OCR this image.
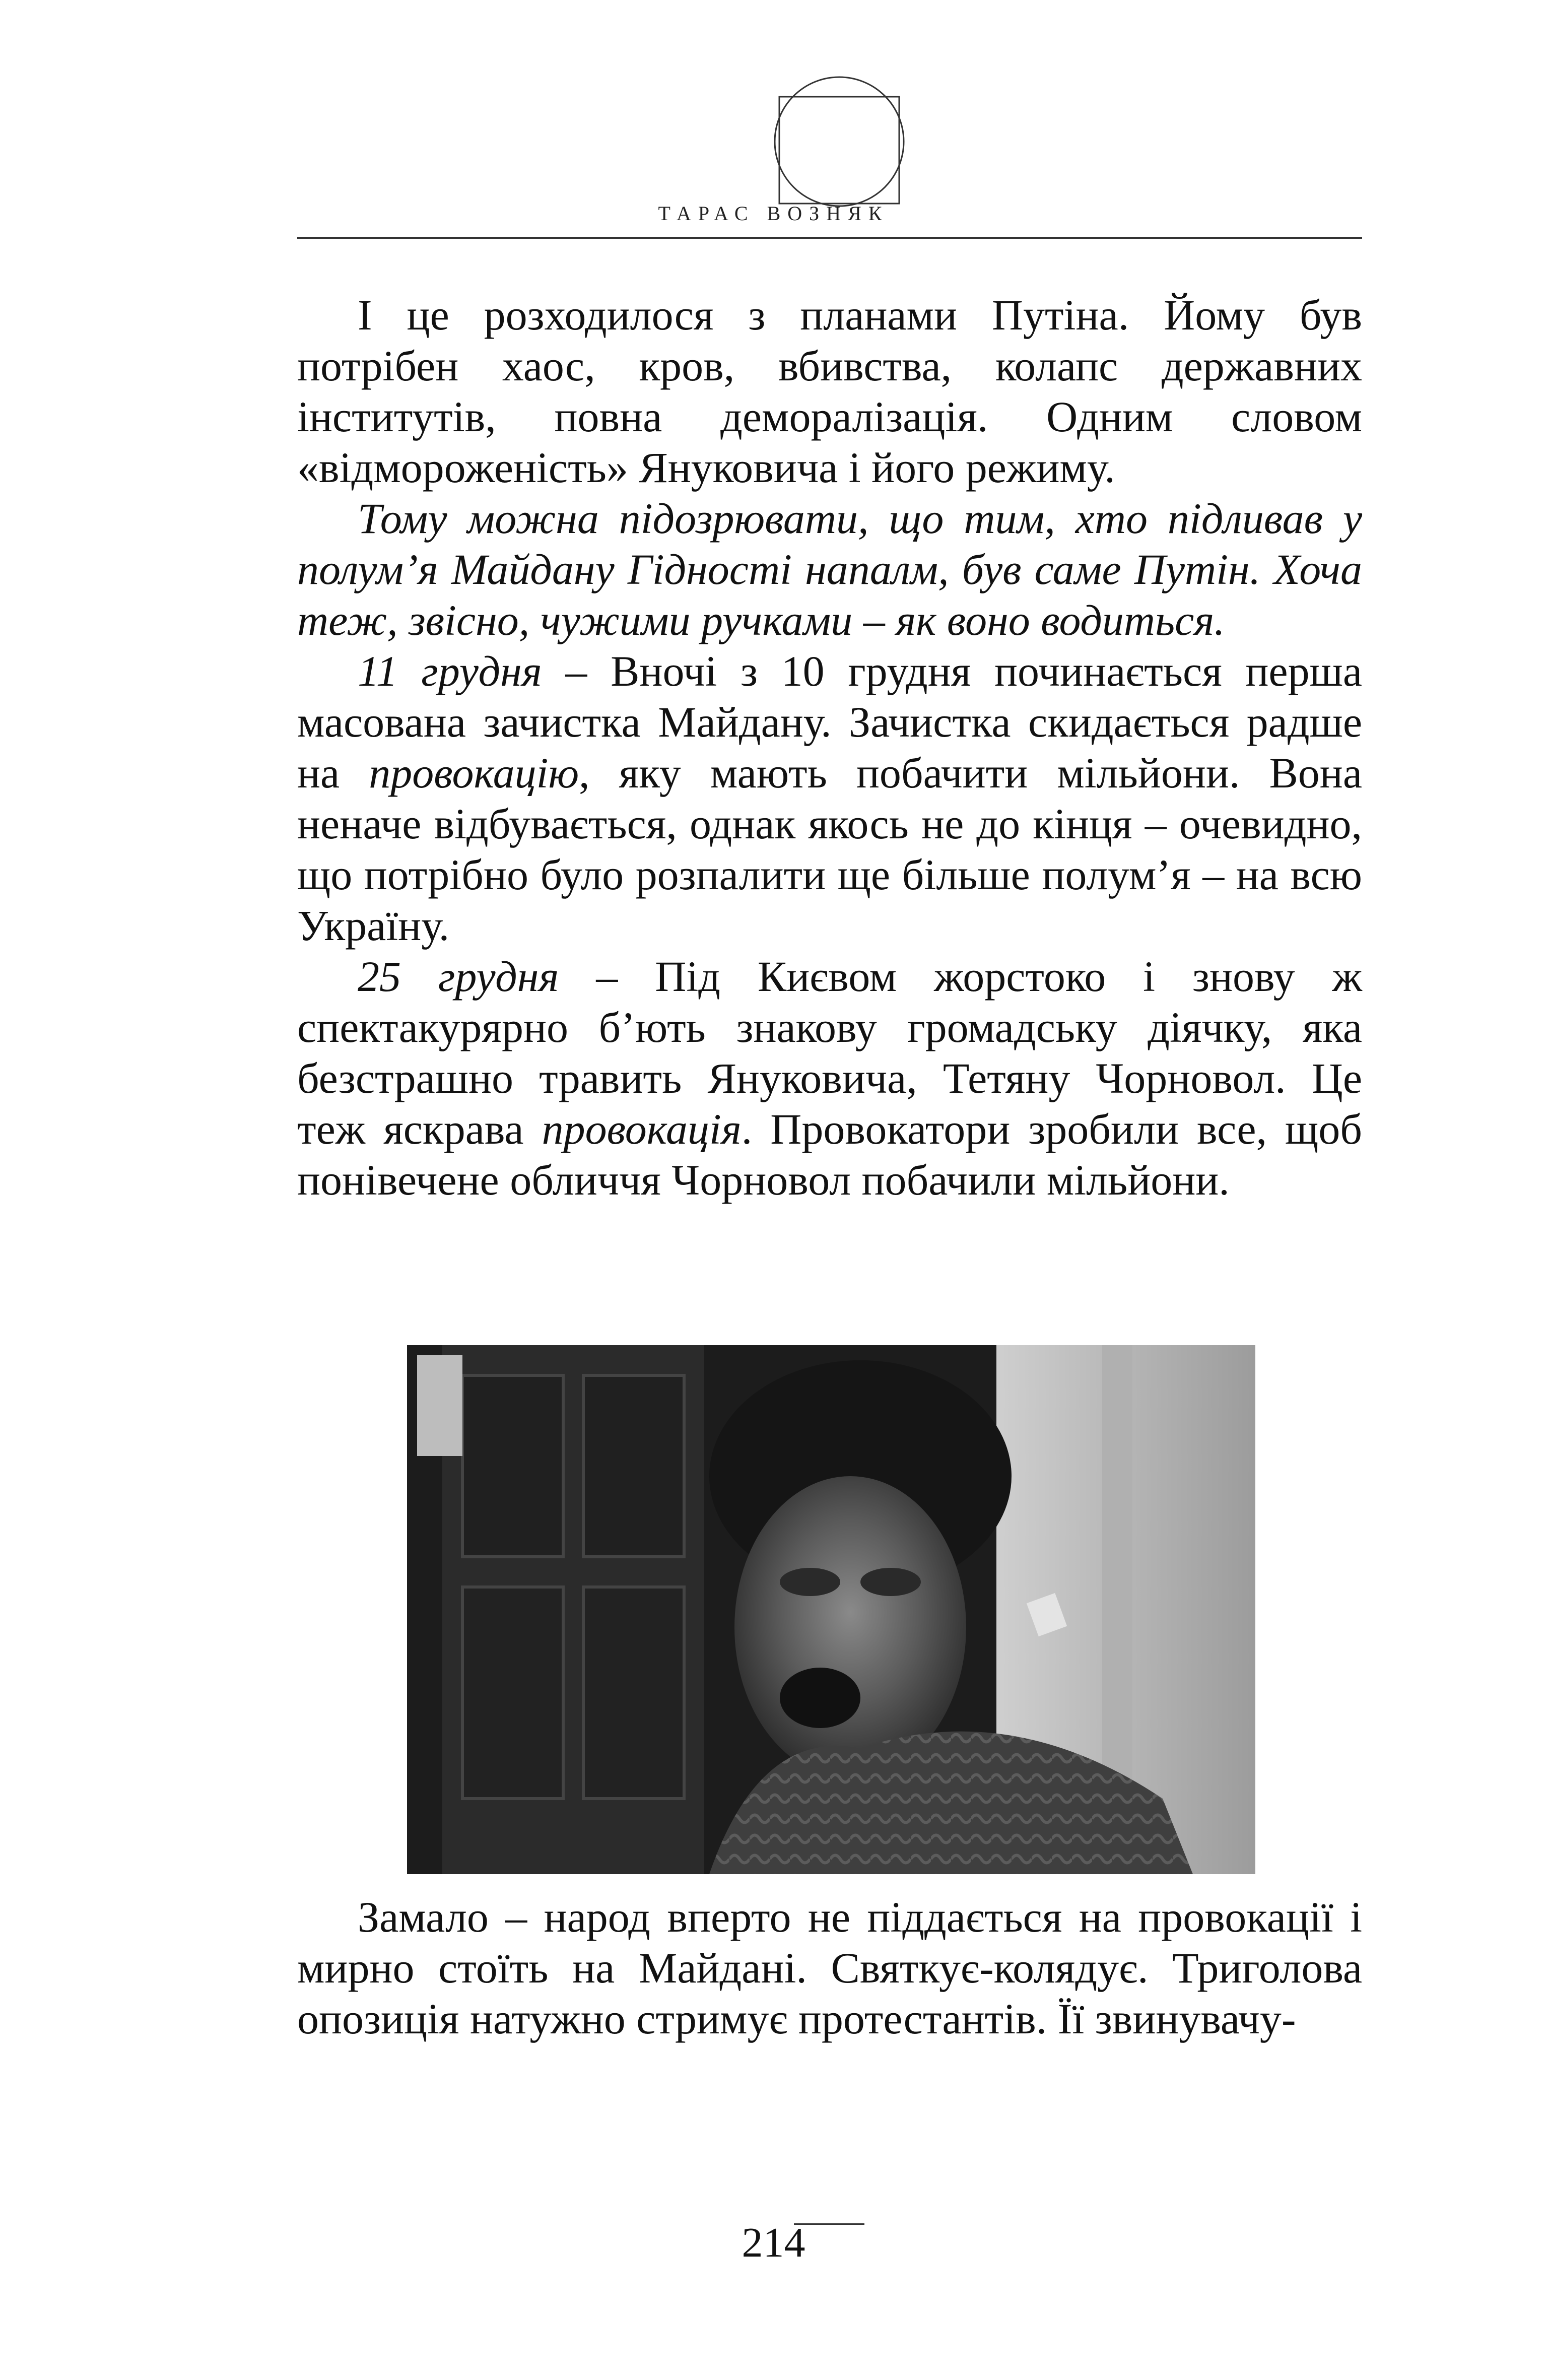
ТАРАС ВОЗНЯК

І це розходилося з планами Путіна. Йому був потрібен хаос, кров, вбивства, колапс державних інститутів, повна деморалізація. Одним словом «відмороженість» Януковича і його режиму.

Тому можна підозрювати, що тим, хто підливав у полум’я Майдану Гідності напалм, був саме Путін. Хоча теж, звісно, чужими ручками – як воно водиться.

11 грудня – Вночі з 10 грудня починається перша масована зачистка Майдану. Зачистка скидається радше на провокацію, яку мають побачити мільйони. Вона неначе відбувається, однак якось не до кінця – очевидно, що потрібно було розпалити ще більше полум’я – на всю Україну.

25 грудня – Під Києвом жорстоко і знову ж спектакурярно б’ють знакову громадську діячку, яка безстрашно травить Януковича, Тетяну Чорновол. Це теж яскрава провокація. Провокатори зробили все, щоб понівечене обличчя Чорновол побачили мільйони.

Замало – народ вперто не піддається на провокації і мирно стоїть на Майдані. Святкує-колядує. Триголова опозиція натужно стримує протестантів. Її звинувачу-

214
